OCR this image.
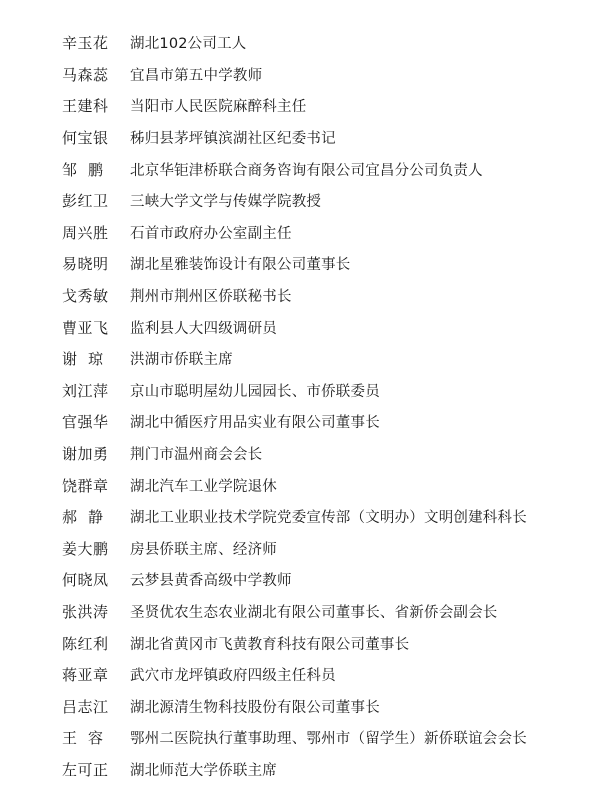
辛玉花	湖北102公司工人
马森蕊	宜昌市第五中学教师
王建科	当阳市人民医院麻醉科主任
何宝银	秭归县茅坪镇滨湖社区纪委书记
邹  鹏	北京华钜津桥联合商务咨询有限公司宜昌分公司负责人
彭红卫	三峡大学文学与传媒学院教授
周兴胜	石首市政府办公室副主任
易晓明	湖北星雅装饰设计有限公司董事长
戈秀敏	荆州市荆州区侨联秘书长
曹亚飞	监利县人大四级调研员
谢  琼	洪湖市侨联主席
刘江萍	京山市聪明屋幼儿园园长、市侨联委员
官强华	湖北中循医疗用品实业有限公司董事长
谢加勇	荆门市温州商会会长
饶群章	湖北汽车工业学院退休
郝  静	湖北工业职业技术学院党委宣传部（文明办）文明创建科科长
姜大鹏	房县侨联主席、经济师
何晓凤	云梦县黄香高级中学教师
张洪涛	圣贤优农生态农业湖北有限公司董事长、省新侨会副会长
陈红利	湖北省黄冈市飞黄教育科技有限公司董事长
蒋亚章	武穴市龙坪镇政府四级主任科员
吕志江	湖北源清生物科技股份有限公司董事长
王  容	鄂州二医院执行董事助理、鄂州市（留学生）新侨联谊会会长
左可正	湖北师范大学侨联主席
